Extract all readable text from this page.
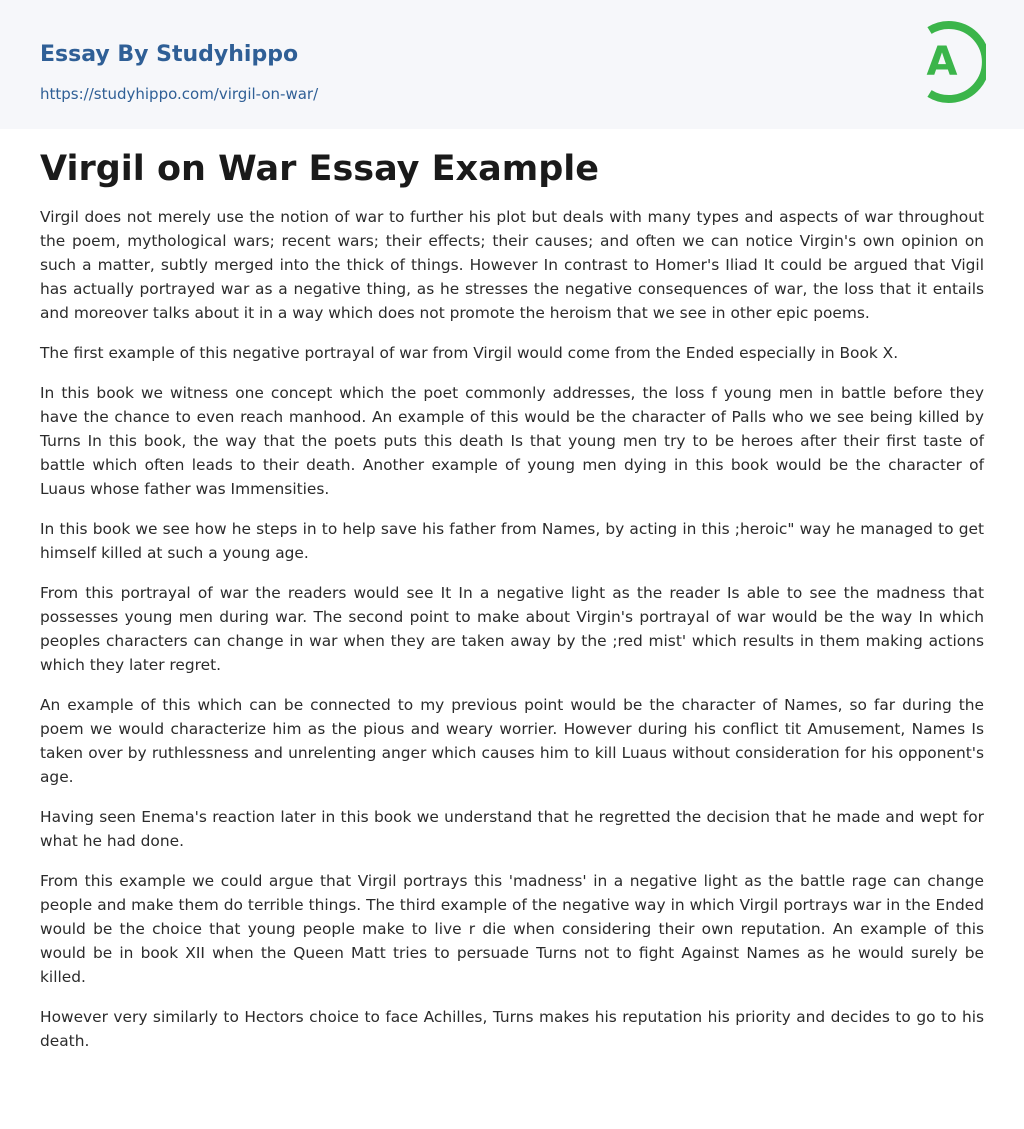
Essay By Studyhippo
https://studyhippo.com/virgil-on-war/
A
Virgil on War Essay Example

Virgil does not merely use the notion of war to further his plot but deals with many types and aspects of war throughout the poem, mythological wars; recent wars; their effects; their causes; and often we can notice Virgin's own opinion on such a matter, subtly merged into the thick of things. However In contrast to Homer's Iliad It could be argued that Vigil has actually portrayed war as a negative thing, as he stresses the negative consequences of war, the loss that it entails and moreover talks about it in a way which does not promote the heroism that we see in other epic poems.

The first example of this negative portrayal of war from Virgil would come from the Ended especially in Book X.

In this book we witness one concept which the poet commonly addresses, the loss f young men in battle before they have the chance to even reach manhood. An example of this would be the character of Palls who we see being killed by Turns In this book, the way that the poets puts this death Is that young men try to be heroes after their first taste of battle which often leads to their death. Another example of young men dying in this book would be the character of Luaus whose father was Immensities.

In this book we see how he steps in to help save his father from Names, by acting in this ;heroic" way he managed to get himself killed at such a young age.

From this portrayal of war the readers would see It In a negative light as the reader Is able to see the madness that possesses young men during war. The second point to make about Virgin's portrayal of war would be the way In which peoples characters can change in war when they are taken away by the ;red mist' which results in them making actions which they later regret.

An example of this which can be connected to my previous point would be the character of Names, so far during the poem we would characterize him as the pious and weary worrier. However during his conflict tit Amusement, Names Is taken over by ruthlessness and unrelenting anger which causes him to kill Luaus without consideration for his opponent's age.

Having seen Enema's reaction later in this book we understand that he regretted the decision that he made and wept for what he had done.

From this example we could argue that Virgil portrays this 'madness' in a negative light as the battle rage can change people and make them do terrible things. The third example of the negative way in which Virgil portrays war in the Ended would be the choice that young people make to live r die when considering their own reputation. An example of this would be in book XII when the Queen Matt tries to persuade Turns not to fight Against Names as he would surely be killed.

However very similarly to Hectors choice to face Achilles, Turns makes his reputation his priority and decides to go to his death.
